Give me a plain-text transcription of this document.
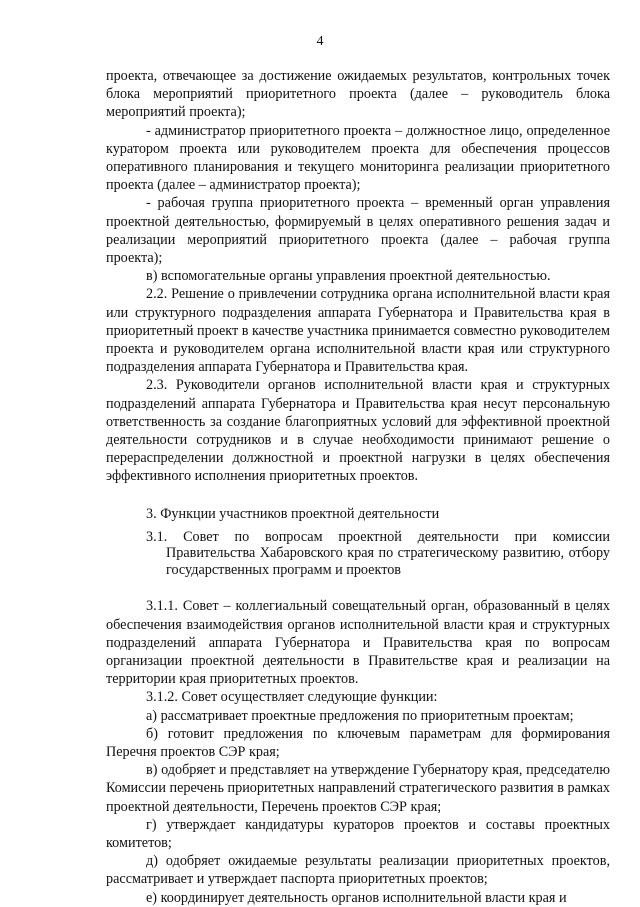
4

проекта, отвечающее за достижение ожидаемых результатов, контрольных точек блока мероприятий приоритетного проекта (далее – руководитель блока мероприятий проекта);

- администратор приоритетного проекта – должностное лицо, определенное куратором проекта или руководителем проекта для обеспечения процессов оперативного планирования и текущего мониторинга реализации приоритетного проекта (далее – администратор проекта);

- рабочая группа приоритетного проекта – временный орган управления проектной деятельностью, формируемый в целях оперативного решения задач и реализации мероприятий приоритетного проекта (далее – рабочая группа проекта);

в) вспомогательные органы управления проектной деятельностью.

2.2. Решение о привлечении сотрудника органа исполнительной власти края или структурного подразделения аппарата Губернатора и Правительства края в приоритетный проект в качестве участника принимается совместно руководителем проекта и руководителем органа исполнительной власти края или структурного подразделения аппарата Губернатора и Правительства края.

2.3. Руководители органов исполнительной власти края и структурных подразделений аппарата Губернатора и Правительства края несут персональную ответственность за создание благоприятных условий для эффективной проектной деятельности сотрудников и в случае необходимости принимают решение о перераспределении должностной и проектной нагрузки в целях обеспечения эффективного исполнения приоритетных проектов.

3. Функции участников проектной деятельности

3.1. Совет по вопросам проектной деятельности при комиссии Правительства Хабаровского края по стратегическому развитию, отбору государственных программ и проектов

3.1.1. Совет – коллегиальный совещательный орган, образованный в целях обеспечения взаимодействия органов исполнительной власти края и структурных подразделений аппарата Губернатора и Правительства края по вопросам организации проектной деятельности в Правительстве края и реализации на территории края приоритетных проектов.

3.1.2. Совет осуществляет следующие функции:

а) рассматривает проектные предложения по приоритетным проектам;

б) готовит предложения по ключевым параметрам для формирования Перечня проектов СЭР края;

в) одобряет и представляет на утверждение Губернатору края, председателю Комиссии перечень приоритетных направлений стратегического развития в рамках проектной деятельности, Перечень проектов СЭР края;

г) утверждает кандидатуры кураторов проектов и составы проектных комитетов;

д) одобряет ожидаемые результаты реализации приоритетных проектов, рассматривает и утверждает паспорта приоритетных проектов;

е) координирует деятельность органов исполнительной власти края и
